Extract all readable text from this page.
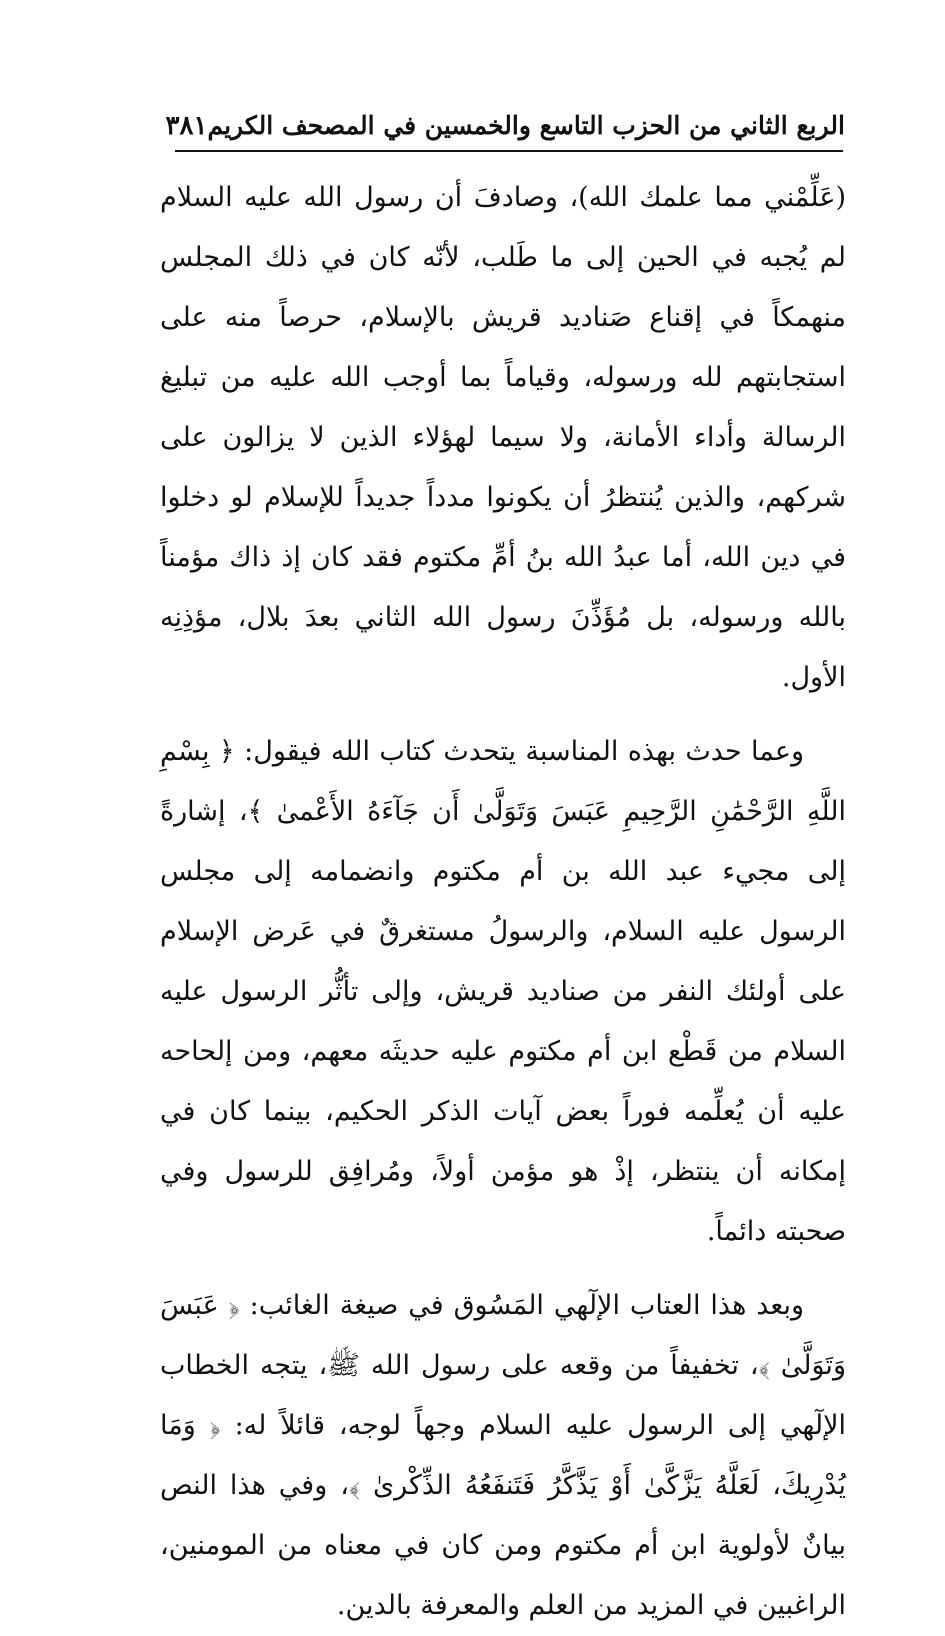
الربع الثاني من الحزب التاسع والخمسين في المصحف الكريم
٣٨١

(عَلِّمْني مما علمك الله)، وصادفَ أن رسول الله عليه السلام لم يُجبه في الحين إلى ما طَلب، لأنّه كان في ذلك المجلس منهمكاً في إقناع صَناديد قريش بالإسلام، حرصاً منه على استجابتهم لله ورسوله، وقياماً بما أوجب الله عليه من تبليغ الرسالة وأداء الأمانة، ولا سيما لهؤلاء الذين لا يزالون على شركهم، والذين يُنتظرُ أن يكونوا مدداً جديداً للإسلام لو دخلوا في دين الله، أما عبدُ الله بنُ أمِّ مكتوم فقد كان إذ ذاك مؤمناً بالله ورسوله، بل مُؤَذِّنَ رسول الله الثاني بعدَ بلال، مؤذِنِه الأول.

وعما حدث بهذه المناسبة يتحدث كتاب الله فيقول: ﴿ بِسْمِ اللَّهِ الرَّحْمَٰنِ الرَّحِيمِ عَبَسَ وَتَوَلَّىٰ أَن جَآءَهُ الأَعْمىٰ ﴾، إشارةً إلى مجيء عبد الله بن أم مكتوم وانضمامه إلى مجلس الرسول عليه السلام، والرسولُ مستغرقٌ في عَرض الإسلام على أولئك النفر من صناديد قريش، وإلى تأثُّر الرسول عليه السلام من قَطْع ابن أم مكتوم عليه حديثَه معهم، ومن إلحاحه عليه أن يُعلِّمه فوراً بعض آيات الذكر الحكيم، بينما كان في إمكانه أن ينتظر، إذْ هو مؤمن أولاً، ومُرافِق للرسول وفي صحبته دائماً.

وبعد هذا العتاب الإلٓهي المَسُوق في صيغة الغائب: ﴿ عَبَسَ وَتَوَلَّىٰ ﴾، تخفيفاً من وقعه على رسول الله ﷺ، يتجه الخطاب الإلٓهي إلى الرسول عليه السلام وجهاً لوجه، قائلاً له: ﴿ وَمَا يُدْرِيكَ، لَعَلَّهُ يَزَّكَّىٰ أَوْ يَذَّكَّرُ فَتَنفَعُهُ الذِّكْرىٰ ﴾، وفي هذا النص بيانٌ لأولوية ابن أم مكتوم ومن كان في معناه من المومنين، الراغبين في المزيد من العلم والمعرفة بالدين.
